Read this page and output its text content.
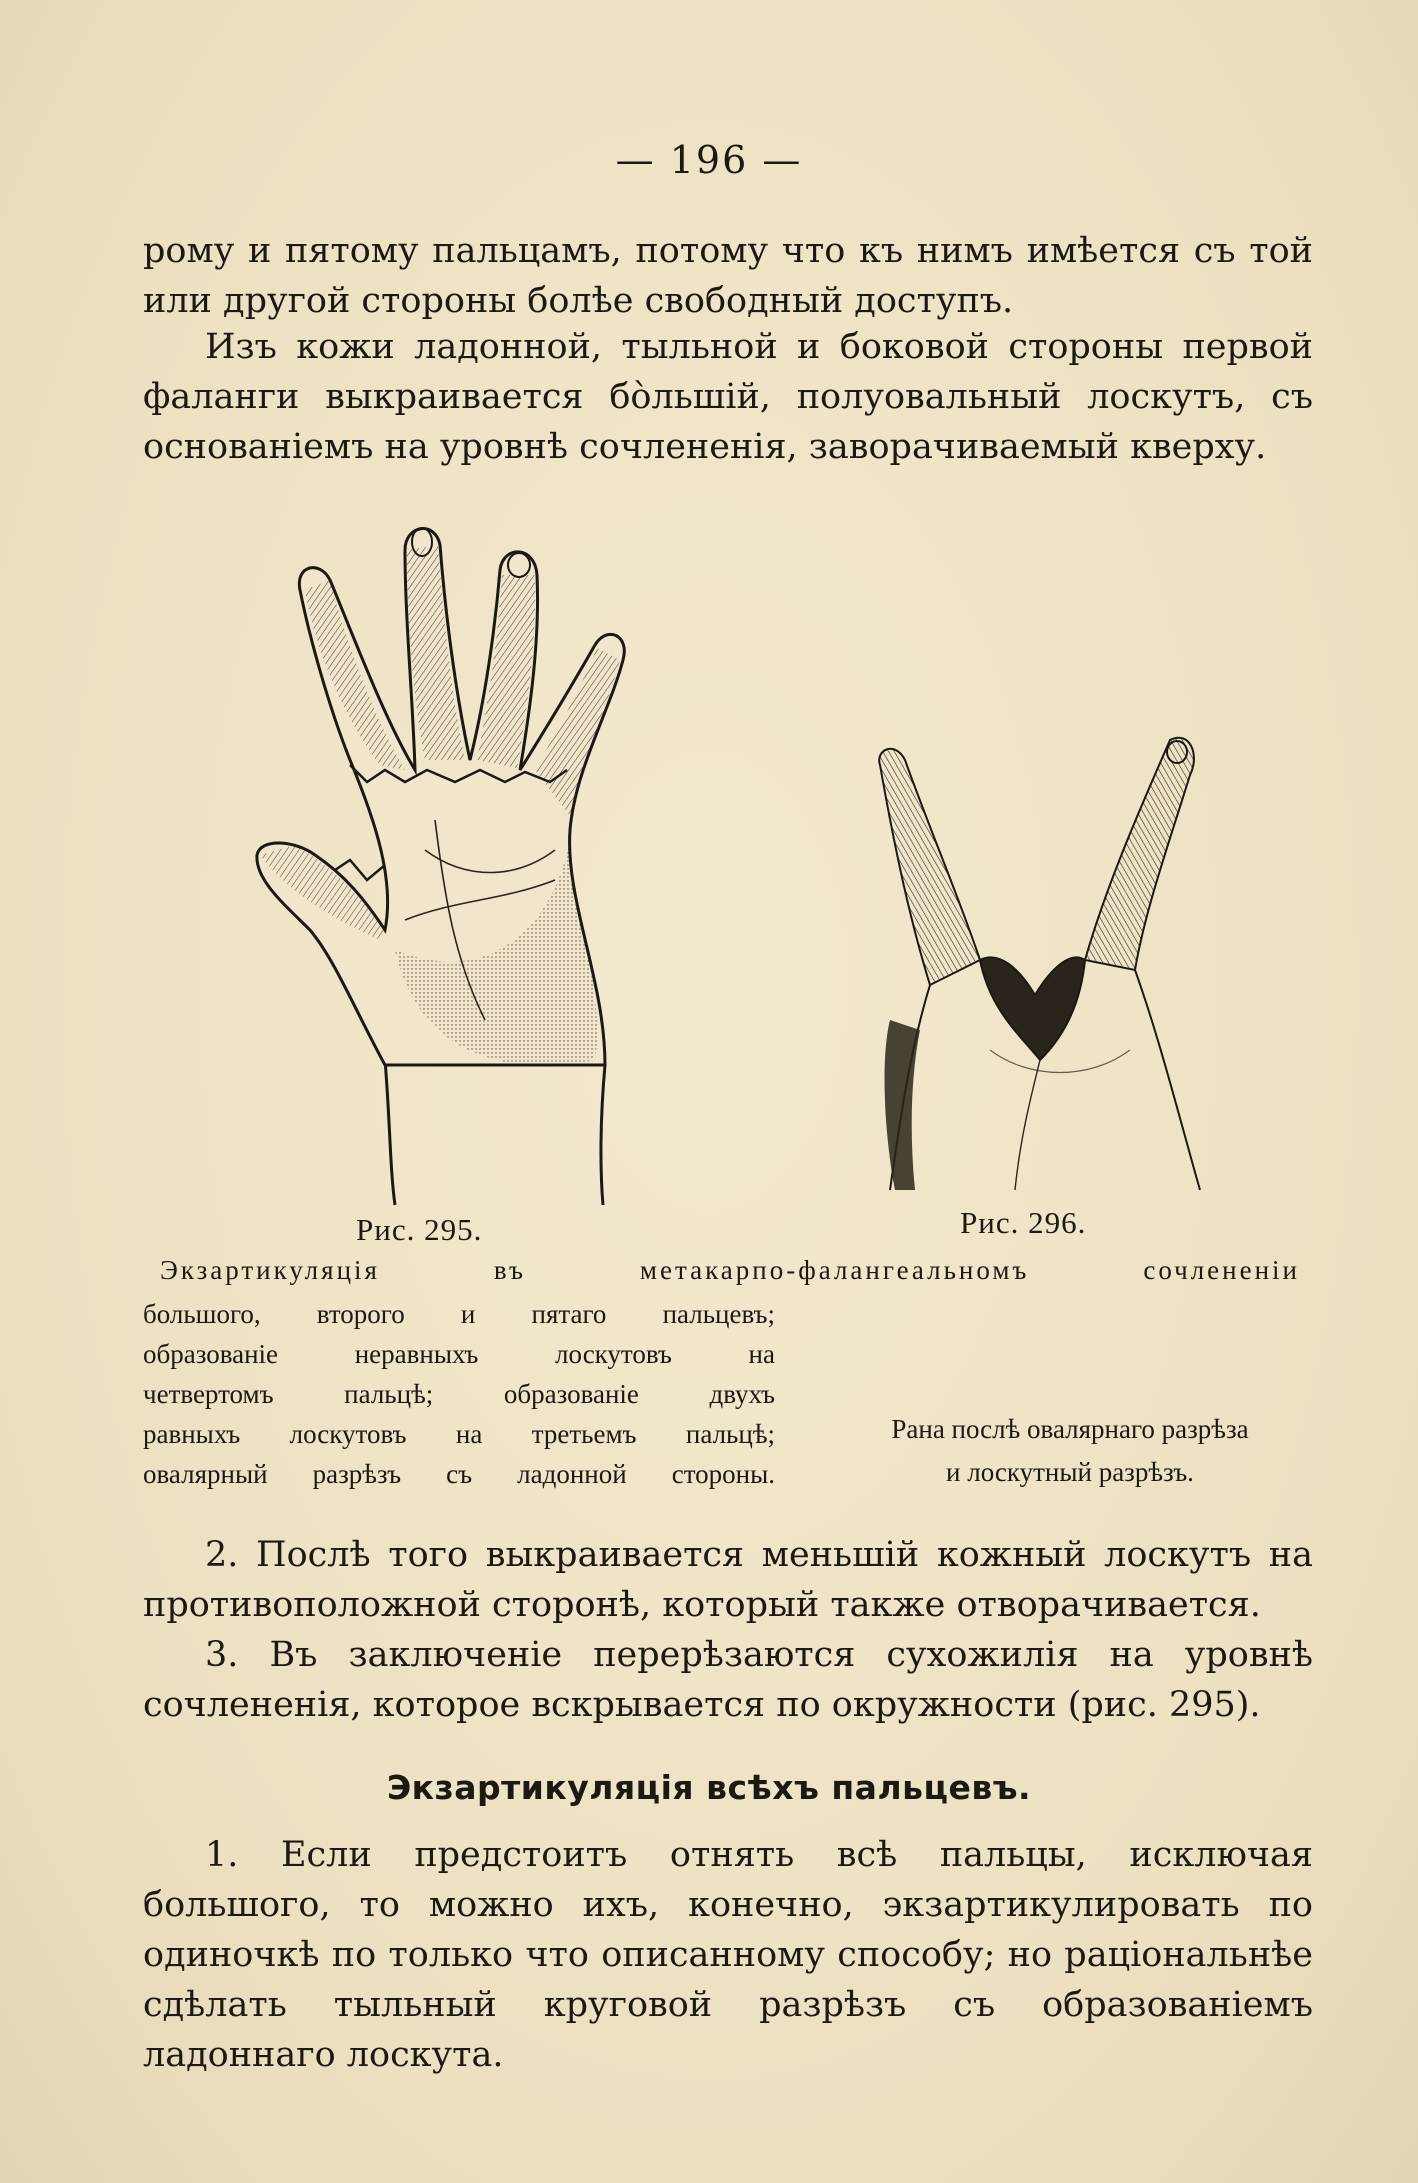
— 196 —
рому и пятому пальцамъ, потому что къ нимъ имѣется съ той или другой стороны болѣе свободный доступъ.
Изъ кожи ладонной, тыльной и боковой стороны первой фаланги выкраивается бо̀льшій, полуовальный лоскутъ, съ основаніемъ на уровнѣ сочлененія, заворачиваемый кверху.
Рис. 295.	Рис. 296.
Экзартикуляція въ метакарпо-фалангеальномъ сочлененіи
большого, второго и пятаго пальцевъ;
образованіе неравныхъ лоскутовъ на
четвертомъ пальцѣ; образованіе двухъ
равныхъ лоскутовъ на третьемъ пальцѣ;
овалярный разрѣзъ съ ладонной стороны.
Рана послѣ овалярнаго разрѣза
и лоскутный разрѣзъ.
2. Послѣ того выкраивается меньшій кожный лоскутъ на противоположной сторонѣ, который также отворачивается.
3. Въ заключеніе перерѣзаются сухожилія на уровнѣ сочлененія, которое вскрывается по окружности (рис. 295).
Экзартикуляція всѣхъ пальцевъ.
1. Если предстоитъ отнять всѣ пальцы, исключая большого, то можно ихъ, конечно, экзартикулировать по одиночкѣ по только что описанному способу; но раціональнѣе сдѣлать тыльный круговой разрѣзъ съ образованіемъ ладоннаго лоскута.
